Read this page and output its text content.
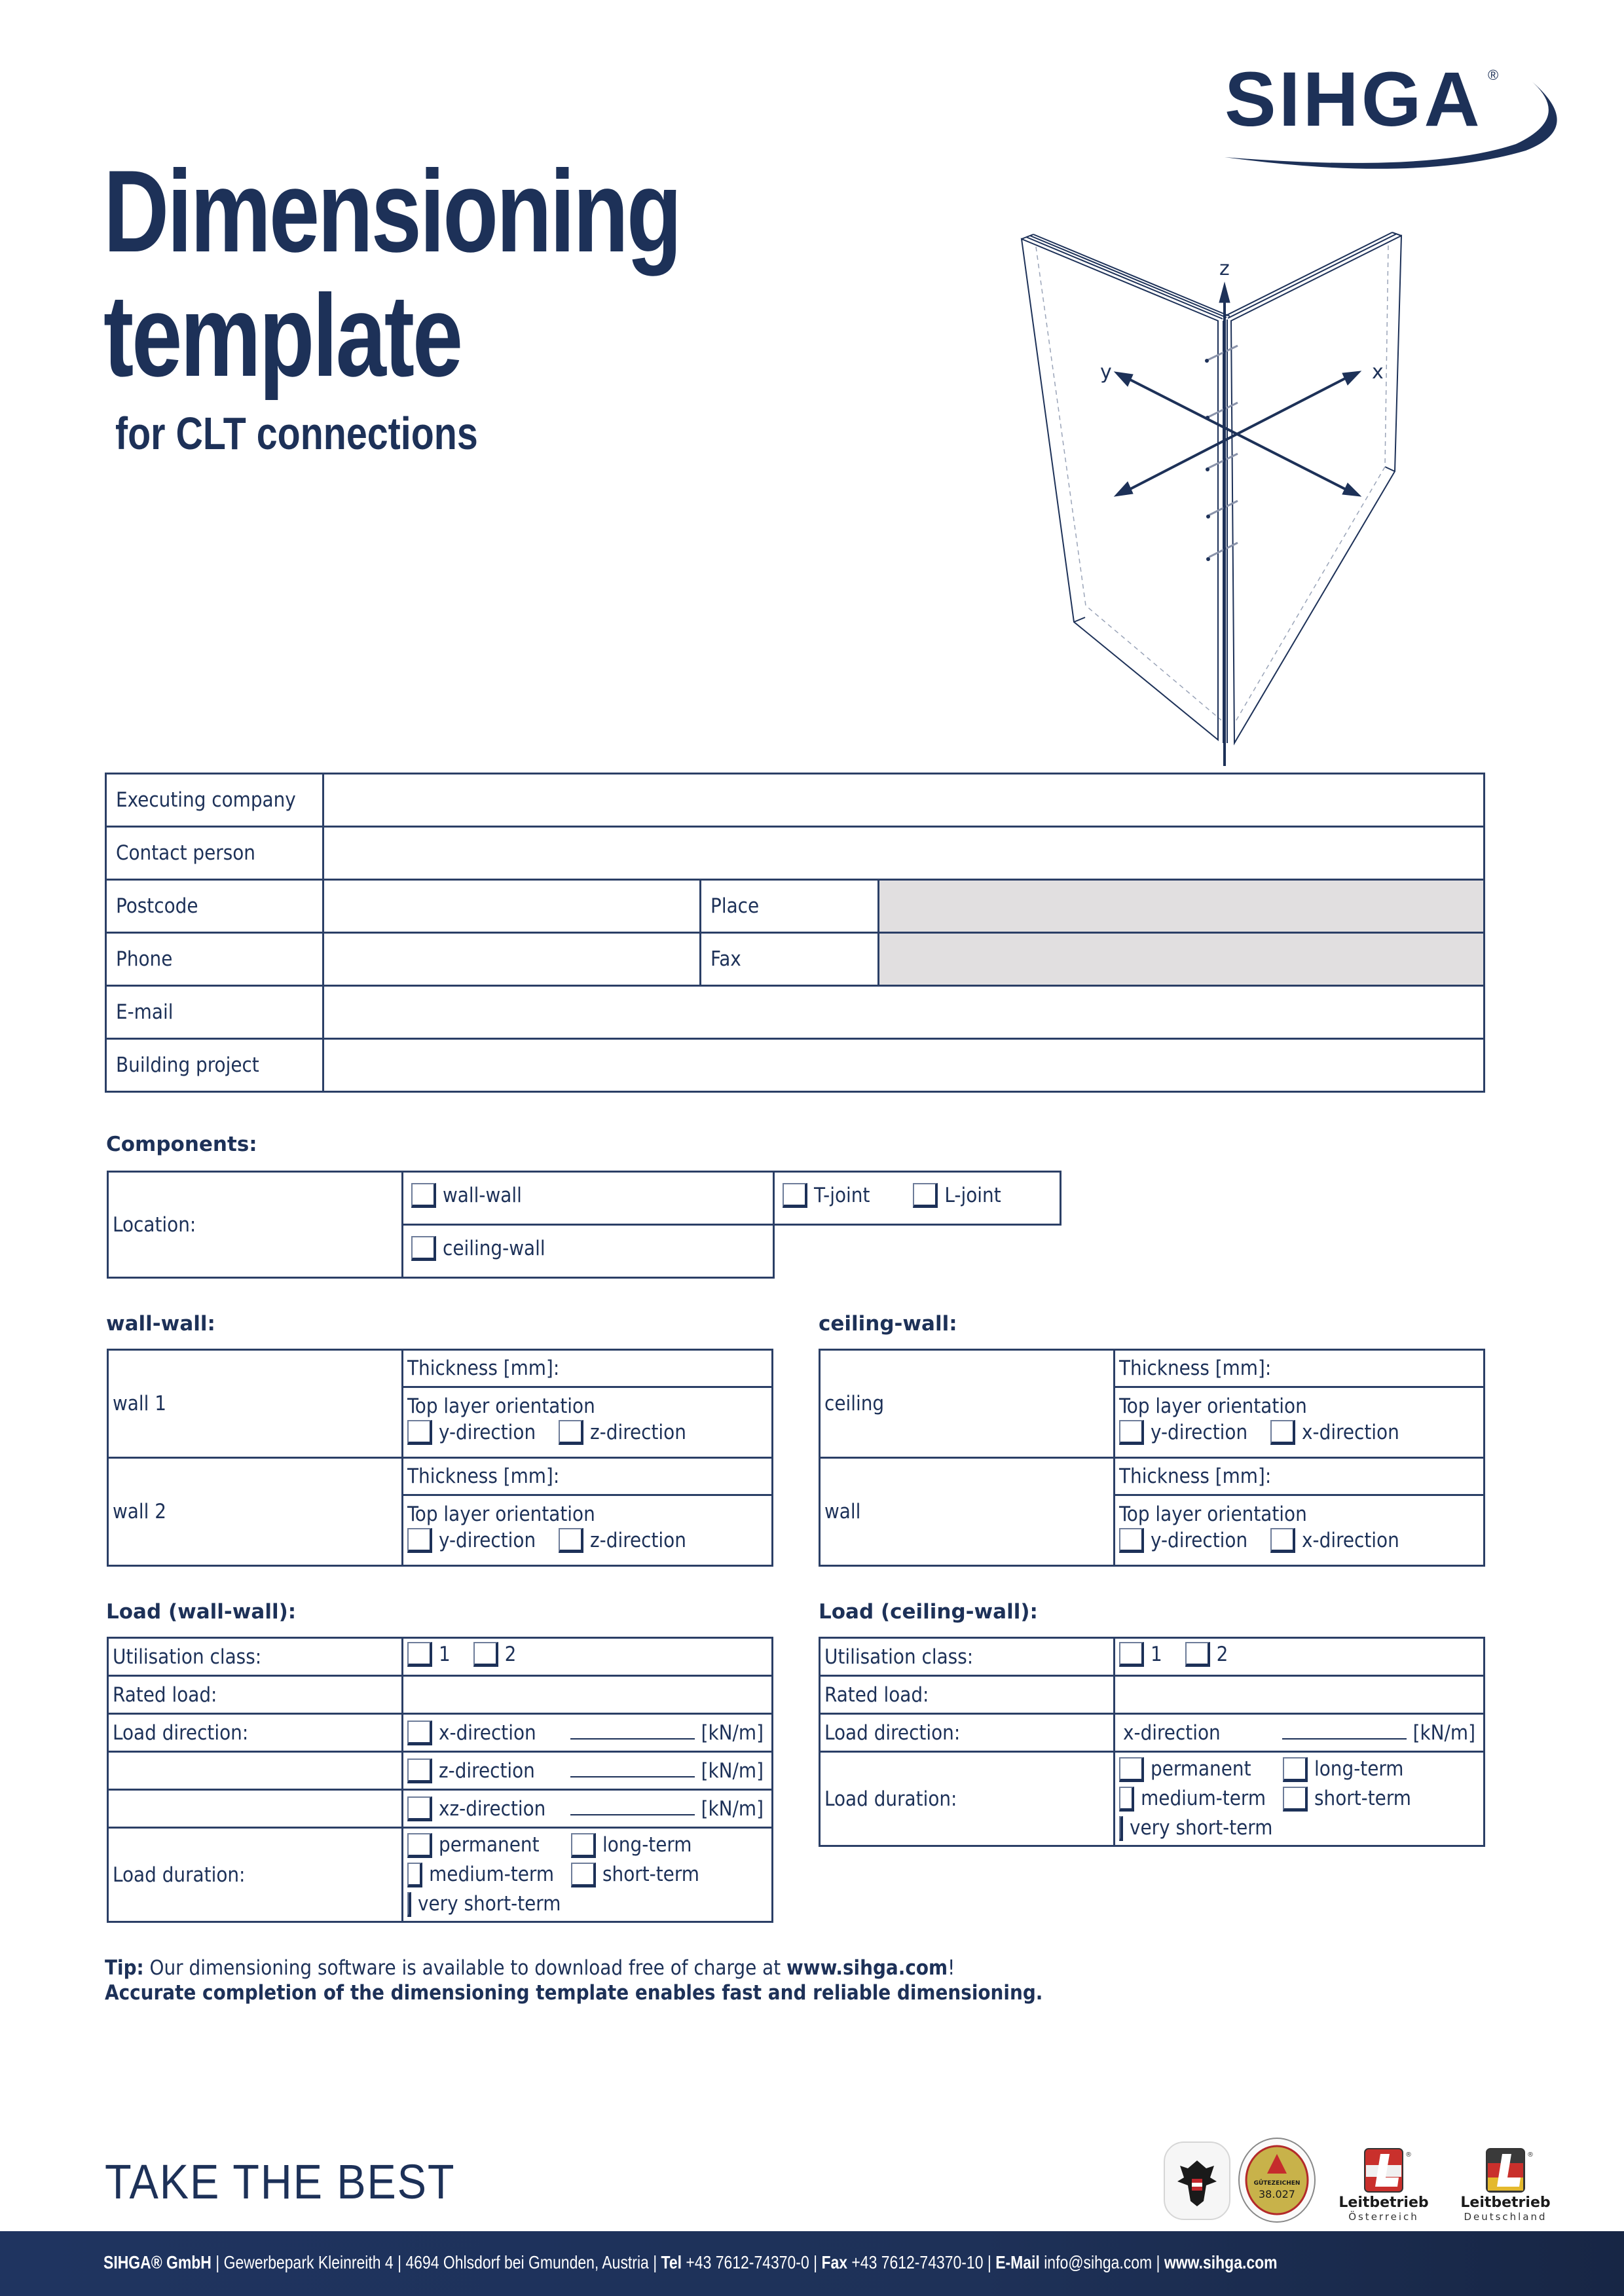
Dimensioning
template
for CLT connections
SIHGA ®
z
y	x
Executing company			
Contact person			
Postcode		Place	
Phone		Fax	
E-mail			
Building project			
Components:
Location:	wall-wall	T-joint L-joint

	ceiling-wall	

wall-wall:
wall 1	Thickness [mm]:

	Top layer orientation
y-direction
z-direction

wall 2	Thickness [mm]:

	Top layer orientation
y-direction
z-direction
ceiling-wall:
ceiling	Thickness [mm]:

	Top layer orientation
y-direction
x-direction

wall	Thickness [mm]:

	Top layer orientation
y-direction
x-direction
Load (wall-wall):
Utilisation class:	1
2

Rated load:	
Load direction:	x-direction [kN/m]

	z-direction [kN/m]

	xz-direction [kN/m]

Load duration:	permanent long-term
medium-term short-term
very short-term
Load (ceiling-wall):
Utilisation class:	1
2

Rated load:	
Load direction:	x-direction [kN/m]

Load duration:	permanent long-term
medium-term short-term
very short-term
Tip: Our dimensioning software is available to download free of charge at www.sihga.com!
Accurate completion of the dimensioning template enables fast and reliable dimensioning.
TAKE THE BEST	GÜTEZEICHEN
38.027
®
Leitbetrieb
Österreich
®
Leitbetrieb
Deutschland
SIHGA® GmbH | Gewerbepark Kleinreith 4 | 4694 Ohlsdorf bei Gmunden, Austria | Tel +43 7612-74370-0 | Fax +43 7612-74370-10 | E-Mail info@sihga.com | www.sihga.com
